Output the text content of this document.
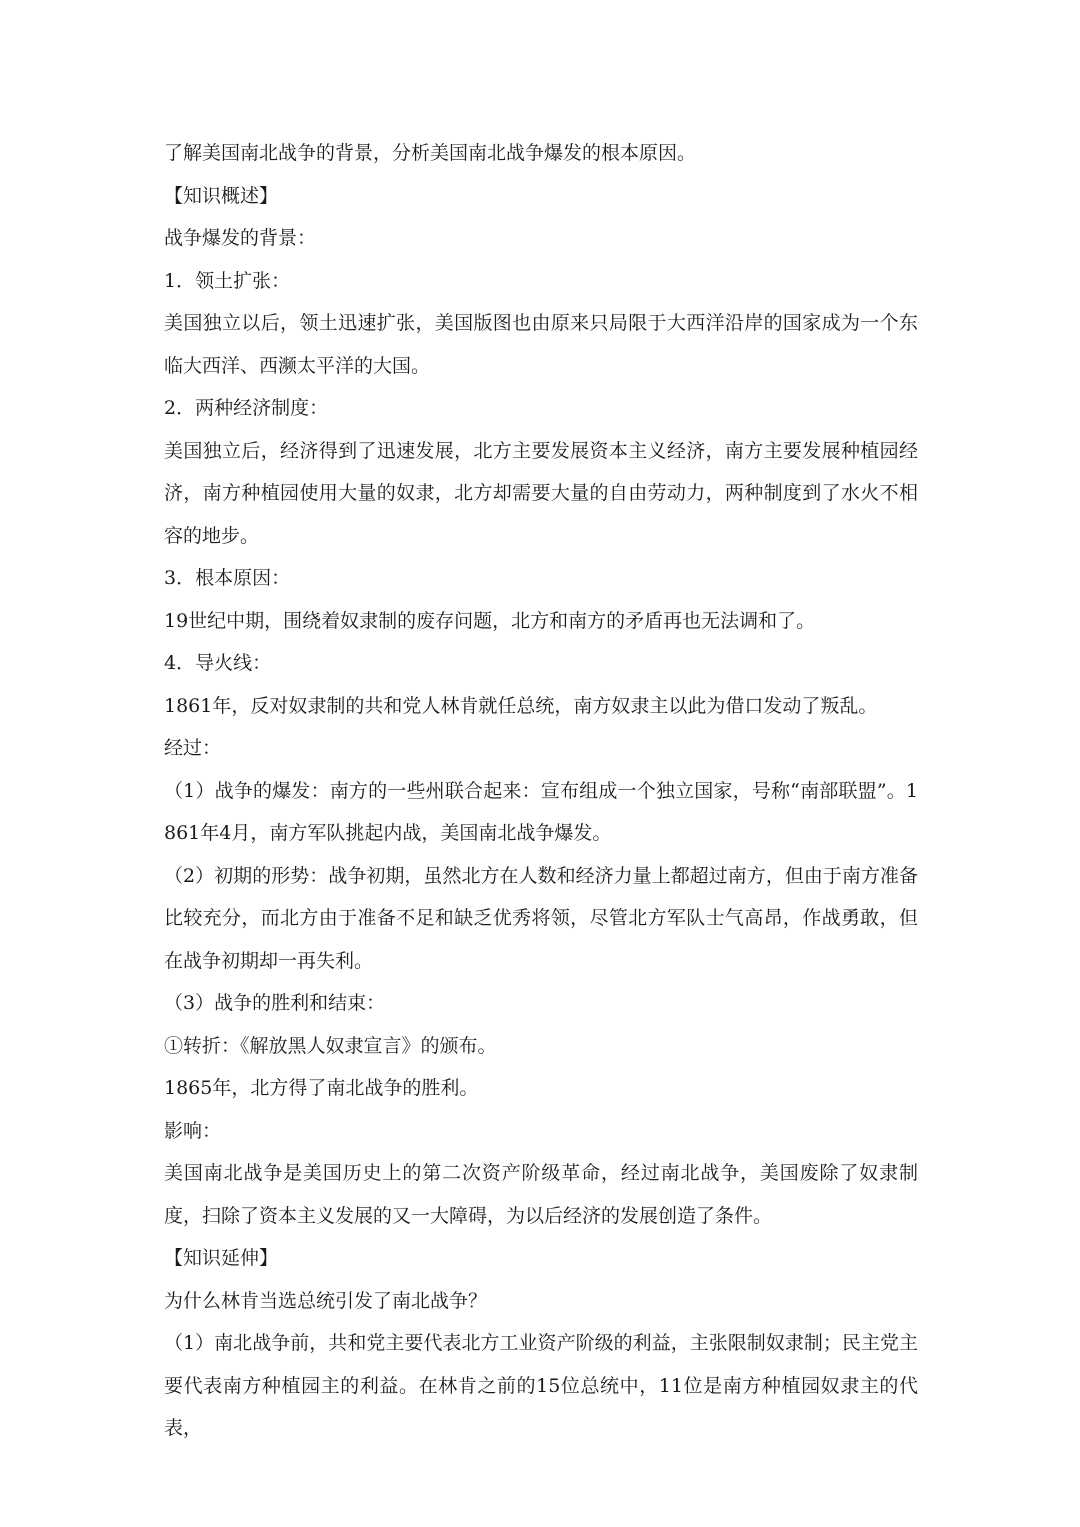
了解美国南北战争的背景，分析美国南北战争爆发的根本原因。

【知识概述】

战争爆发的背景：

1．领土扩张：

美国独立以后，领土迅速扩张，美国版图也由原来只局限于大西洋沿岸的国家成为一个东临大西洋、西濒太平洋的大国。

2．两种经济制度：

美国独立后，经济得到了迅速发展，北方主要发展资本主义经济，南方主要发展种植园经济，南方种植园使用大量的奴隶，北方却需要大量的自由劳动力，两种制度到了水火不相容的地步。

3．根本原因：

19世纪中期，围绕着奴隶制的废存问题，北方和南方的矛盾再也无法调和了。

4．导火线：

1861年，反对奴隶制的共和党人林肯就任总统，南方奴隶主以此为借口发动了叛乱。

经过：

（1）战争的爆发：南方的一些州联合起来：宣布组成一个独立国家，号称“南部联盟”。1861年4月，南方军队挑起内战，美国南北战争爆发。

（2）初期的形势：战争初期，虽然北方在人数和经济力量上都超过南方，但由于南方准备比较充分，而北方由于准备不足和缺乏优秀将领，尽管北方军队士气高昂，作战勇敢，但在战争初期却一再失利。

（3）战争的胜利和结束：

①转折：《解放黑人奴隶宣言》的颁布。

1865年，北方得了南北战争的胜利。

影响：

美国南北战争是美国历史上的第二次资产阶级革命，经过南北战争，美国废除了奴隶制度，扫除了资本主义发展的又一大障碍，为以后经济的发展创造了条件。

【知识延伸】

为什么林肯当选总统引发了南北战争？

（1）南北战争前，共和党主要代表北方工业资产阶级的利益，主张限制奴隶制；民主党主要代表南方种植园主的利益。在林肯之前的15位总统中，11位是南方种植园奴隶主的代表，
